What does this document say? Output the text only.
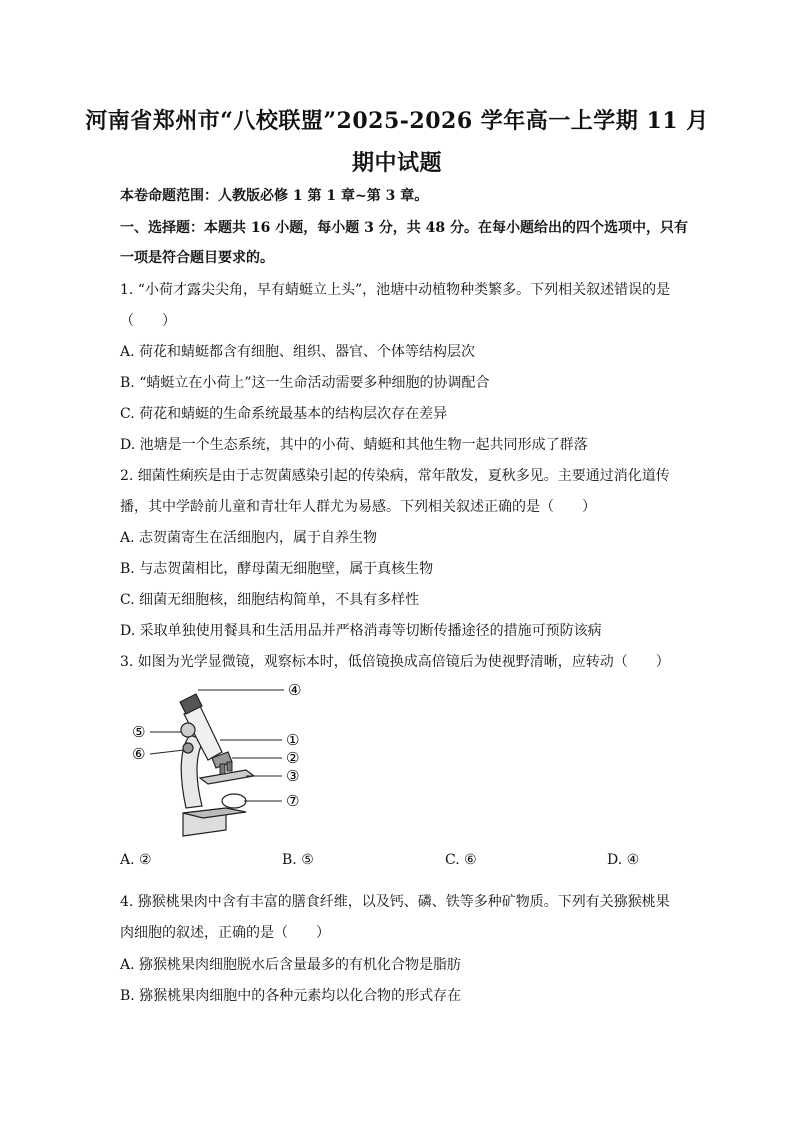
河南省郑州市“八校联盟”2025-2026 学年高一上学期 11 月
期中试题
本卷命题范围：人教版必修 1 第 1 章~第 3 章。
一、选择题：本题共 16 小题，每小题 3 分，共 48 分。在每小题给出的四个选项中，只有
一项是符合题目要求的。
1. “小荷才露尖尖角，早有蜻蜓立上头”，池塘中动植物种类繁多。下列相关叙述错误的是
（　　）
A. 荷花和蜻蜓都含有细胞、组织、器官、个体等结构层次
B. “蜻蜓立在小荷上”这一生命活动需要多种细胞的协调配合
C. 荷花和蜻蜓的生命系统最基本的结构层次存在差异
D. 池塘是一个生态系统，其中的小荷、蜻蜓和其他生物一起共同形成了群落
2. 细菌性痢疾是由于志贺菌感染引起的传染病，常年散发，夏秋多见。主要通过消化道传
播，其中学龄前儿童和青壮年人群尤为易感。下列相关叙述正确的是（　　）
A. 志贺菌寄生在活细胞内，属于自养生物
B. 与志贺菌相比，酵母菌无细胞壁，属于真核生物
C. 细菌无细胞核，细胞结构简单，不具有多样性
D. 采取单独使用餐具和生活用品并严格消毒等切断传播途径的措施可预防该病
3. 如图为光学显微镜，观察标本时，低倍镜换成高倍镜后为使视野清晰，应转动（　　）
④
⑤
⑥
①
②
③
⑦
A. ②	B. ⑤	C. ⑥	D. ④
4. 猕猴桃果肉中含有丰富的膳食纤维，以及钙、磷、铁等多种矿物质。下列有关猕猴桃果
肉细胞的叙述，正确的是（　　）
A. 猕猴桃果肉细胞脱水后含量最多的有机化合物是脂肪
B. 猕猴桃果肉细胞中的各种元素均以化合物的形式存在
